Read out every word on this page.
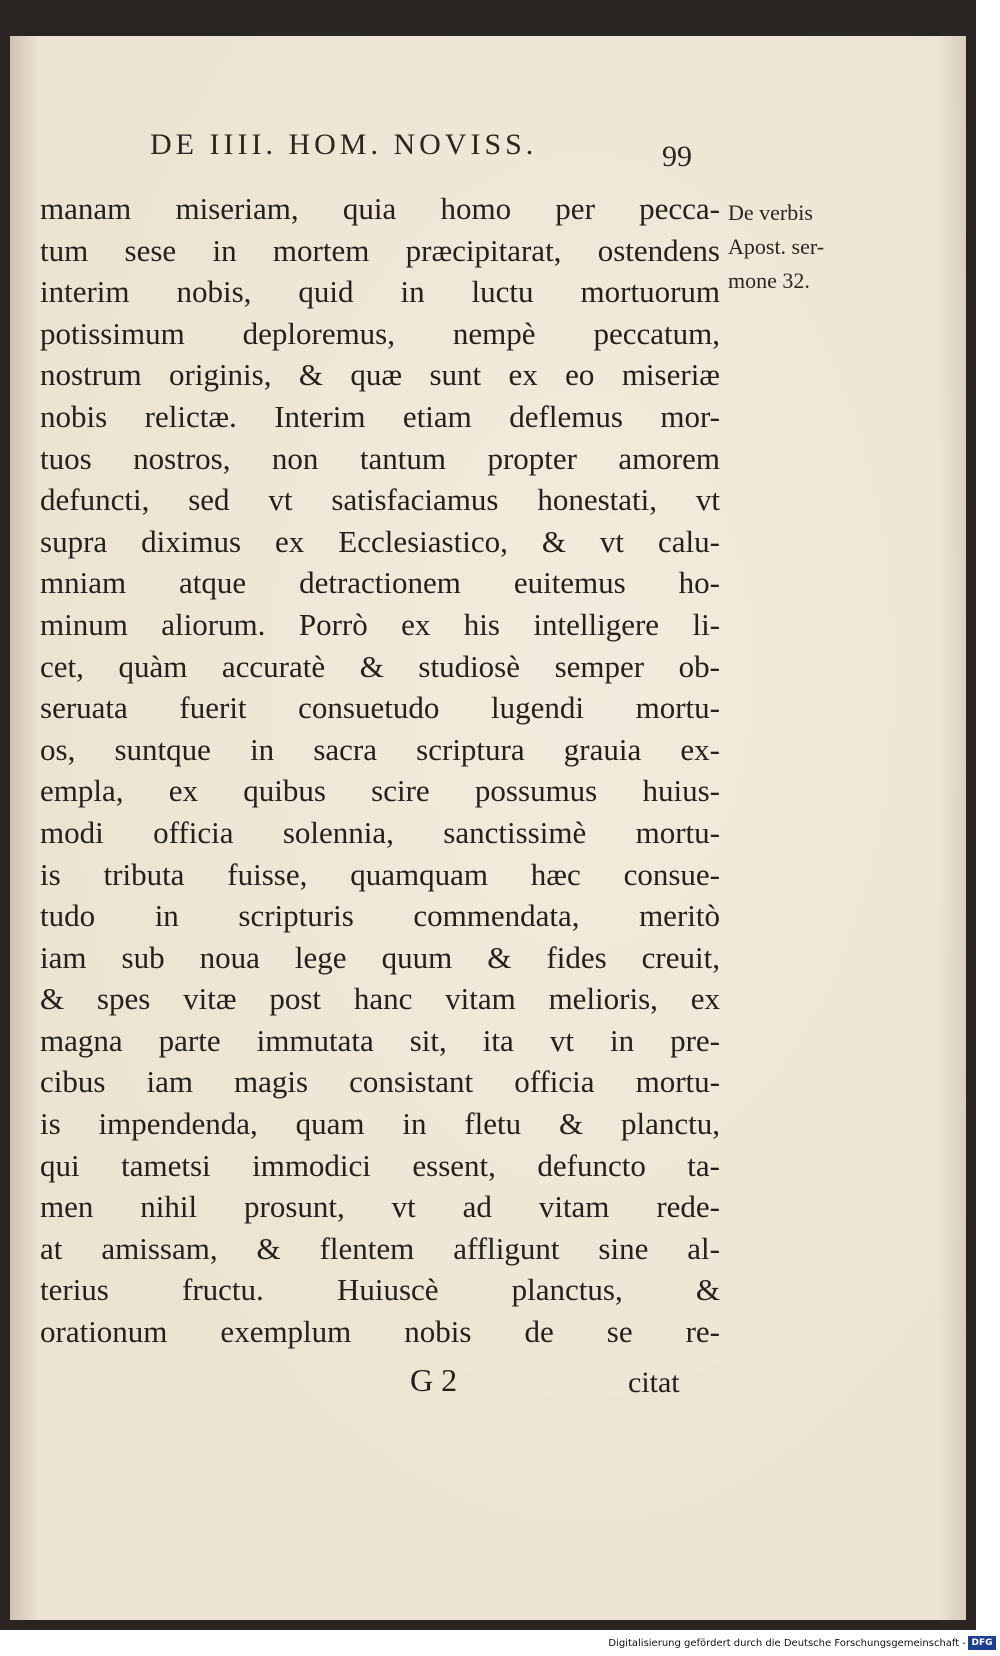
DE IIII. HOM. NOVISS.	99
De verbis
Apost. ser-
mone 32.
manam miseriam, quia homo per pecca-
tum sese in mortem præcipitarat, ostendens
interim nobis, quid in luctu mortuorum
potissimum deploremus, nempè peccatum,
nostrum originis, & quæ sunt ex eo miseriæ
nobis relictæ. Interim etiam deflemus mor-
tuos nostros, non tantum propter amorem
defuncti, sed vt satisfaciamus honestati, vt
supra diximus ex Ecclesiastico, & vt calu-
mniam atque detractionem euitemus ho-
minum aliorum. Porrò ex his intelligere li-
cet, quàm accuratè & studiosè semper ob-
seruata fuerit consuetudo lugendi mortu-
os, suntque in sacra scriptura grauia ex-
empla, ex quibus scire possumus huius-
modi officia solennia, sanctissimè mortu-
is tributa fuisse, quamquam hæc consue-
tudo in scripturis commendata, meritò
iam sub noua lege quum & fides creuit,
& spes vitæ post hanc vitam melioris, ex
magna parte immutata sit, ita vt in pre-
cibus iam magis consistant officia mortu-
is impendenda, quam in fletu & planctu,
qui tametsi immodici essent, defuncto ta-
men nihil prosunt, vt ad vitam rede-
at amissam, & flentem affligunt sine al-
terius fructu. Huiuscè planctus, &
orationum exemplum nobis de se re-
G 2	citat
Digitalisierung gefördert durch die Deutsche Forschungsgemeinschaft - DFG
